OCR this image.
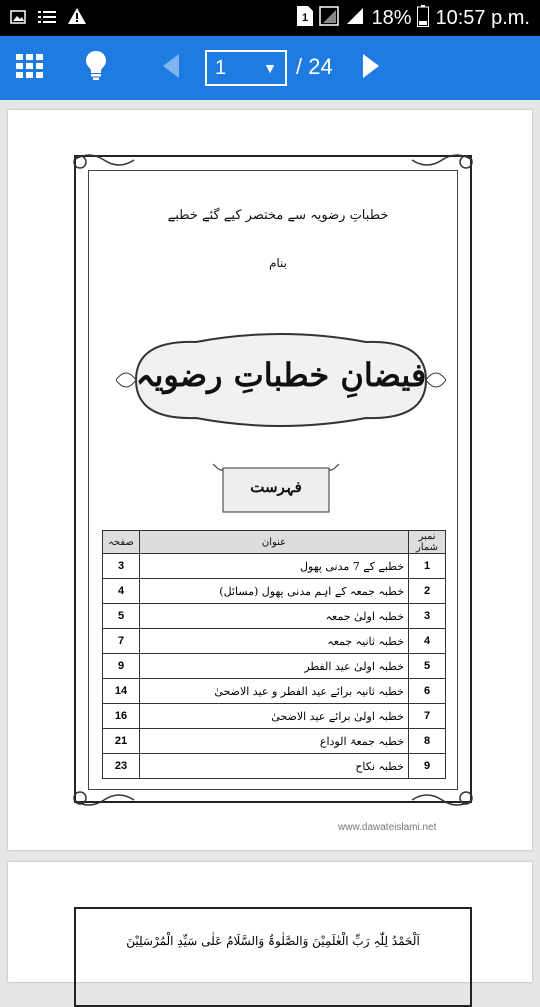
1	18% 10:57 p.m.
1	▼ / 24
خطباتِ رضویہ سے مختصر کیے گئے خطبے
بنام
فیضانِ خطباتِ رضویہ
فہرست
صفحہ	عنوان	نمبر شمار
3	خطبے کے 7 مدنی پھول	1
4	خطبہ جمعہ کے اہم مدنی پھول (مسائل)	2
5	خطبہ اولیٰ جمعہ	3
7	خطبہ ثانیہ جمعہ	4
9	خطبہ اولیٰ عید الفطر	5
14	خطبہ ثانیہ برائے عید الفطر و عید الاضحیٰ	6
16	خطبہ اولیٰ برائے عید الاضحیٰ	7
21	خطبہ جمعۃ الوداع	8
23	خطبہ نکاح	9
www.dawateislami.net
اَلْحَمْدُ لِلّٰہِ رَبِّ الْعٰلَمِیْنَ وَالصَّلٰوۃُ وَالسَّلَامُ عَلٰی سَیِّدِ الْمُرْسَلِیْنَ
